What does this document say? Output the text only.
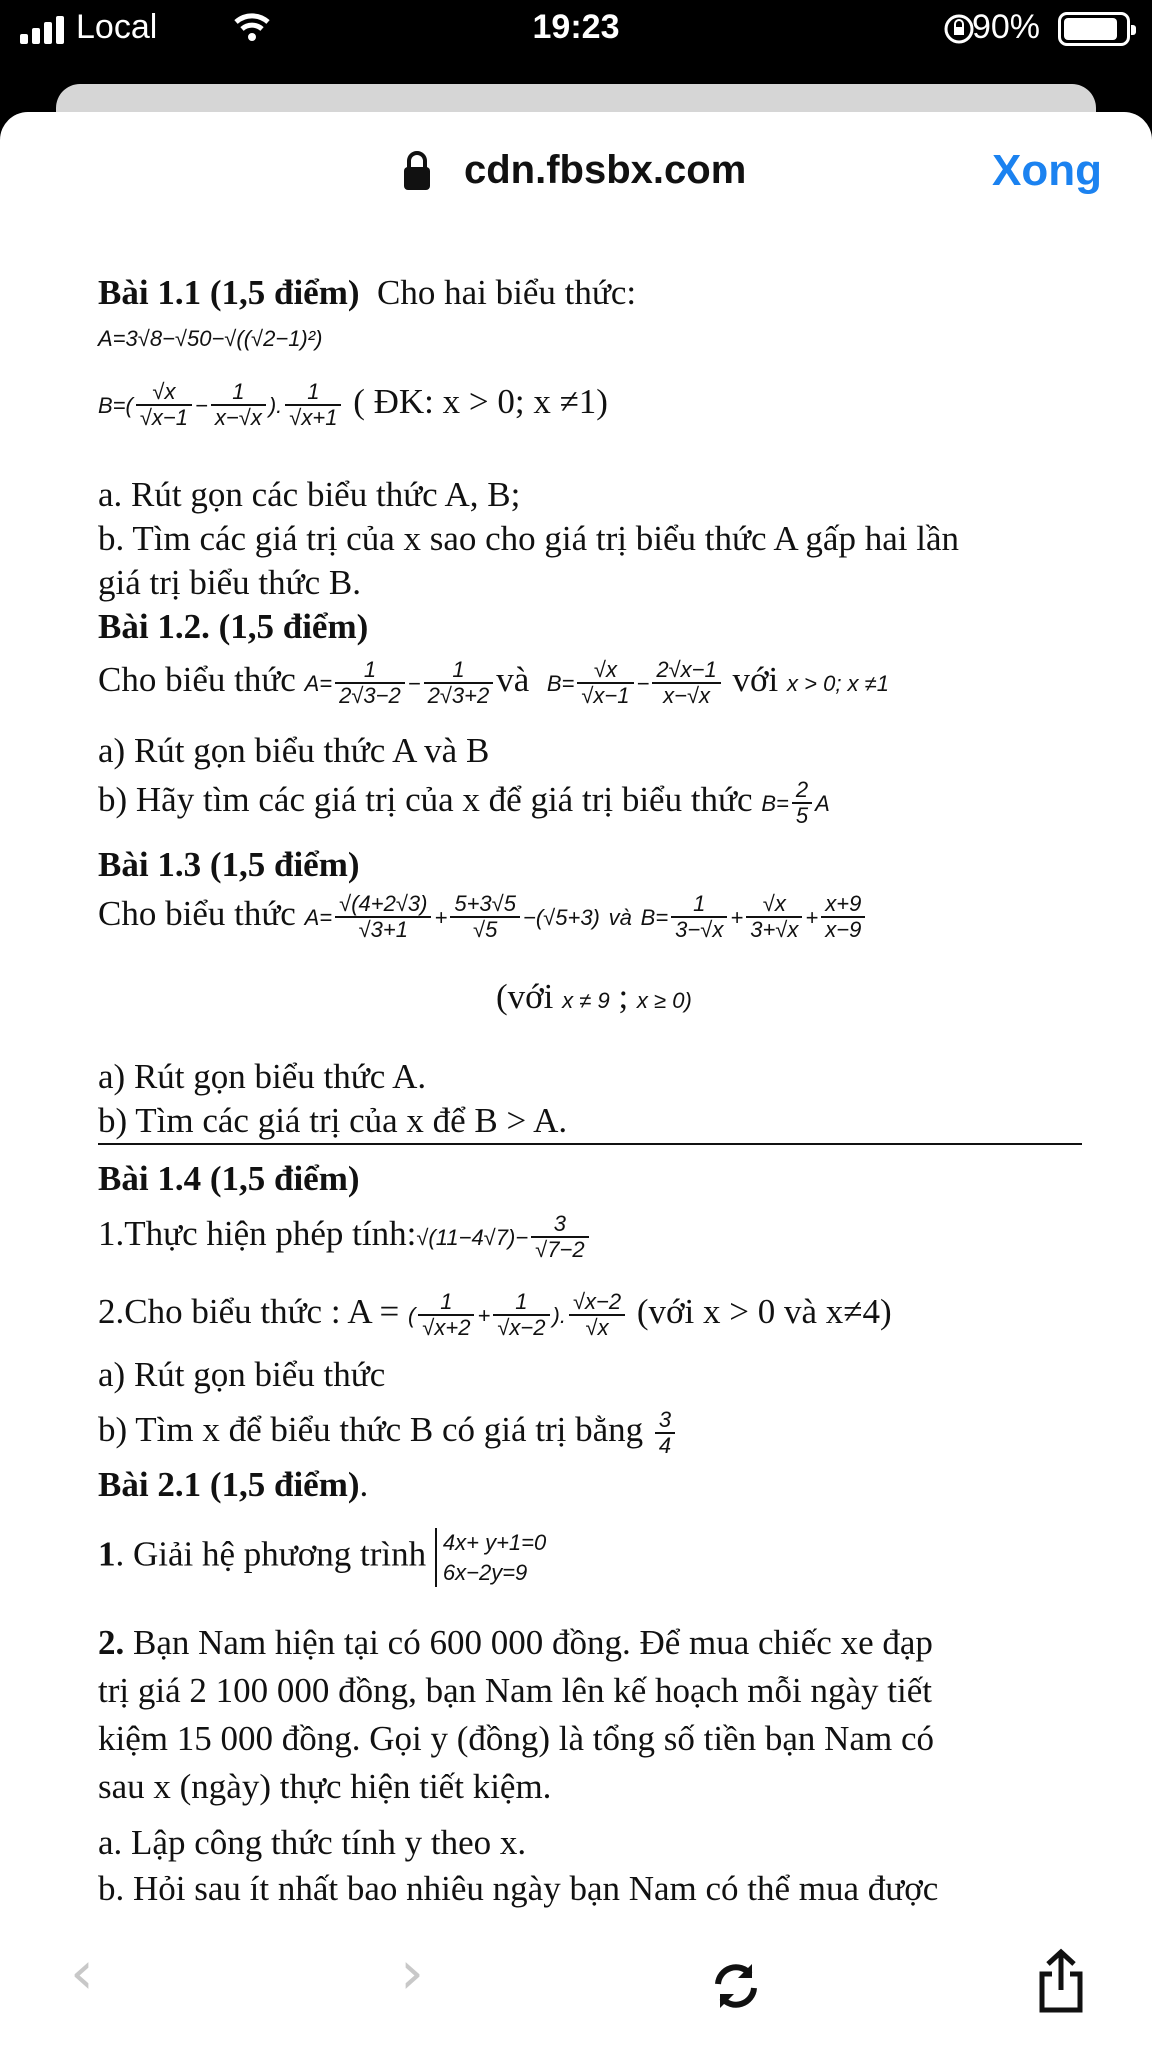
Local	19:23	90%
cdn.fbsbx.com	Xong
Bài 1.1 (1,5 điểm) Cho hai biểu thức:
A=3√8−√50−√((√2−1)²)
$B=( \frac{√x}{√x-1} - \frac{1}{x-√x}$ ). $\frac{1}{√x+1}$ ( ĐK: x > 0; x ≠1)
a. Rút gọn các biểu thức A, B;
b. Tìm các giá trị của x sao cho giá trị biểu thức A gấp hai lần
giá trị biểu thức B.
Bài 1.2. (1,5 điểm)
Cho biểu thức $A= \frac{1}{2√3-2} - \frac{1}{2√3+2}$ và $B= \frac{√x}{√x-1} - \frac{2√x-1}{x-√x}$ với x > 0; x ≠1
a) Rút gọn biểu thức A và B
b) Hãy tìm các giá trị của x để giá trị biểu thức $B= \frac{2}{5}$ A
Bài 1.3 (1,5 điểm)
Cho biểu thức $A= \frac{√(4+2√3)}{√3+1} + \frac{5+3√5}{√5} -(√5+3)$ và $B= \frac{1}{3-√x} + \frac{√x}{3+√x} + \frac{x+9}{x-9}$
(với x ≠ 9 ; x ≥ 0)
a) Rút gọn biểu thức A.
b) Tìm các giá trị của x để B > A.
Bài 1.4 (1,5 điểm)
1.Thực hiện phép tính:√(11−4√7)− $\frac{3}{√7-2}$
2.Cho biểu thức : A = ( $\frac{1}{√x+2} + \frac{1}{√x-2}$ ). $\frac{√x-2}{√x}$ (với x > 0 và x≠4)
a) Rút gọn biểu thức
b) Tìm x để biểu thức B có giá trị bằng $\frac{3}{4}$
Bài 2.1 (1,5 điểm).
1. Giải hệ phương trình 4x+ y+1=0
6x−2y=9
2. Bạn Nam hiện tại có 600 000 đồng. Để mua chiếc xe đạp
trị giá 2 100 000 đồng, bạn Nam lên kế hoạch mỗi ngày tiết
kiệm 15 000 đồng. Gọi y (đồng) là tổng số tiền bạn Nam có
sau x (ngày) thực hiện tiết kiệm.
a. Lập công thức tính y theo x.
b. Hỏi sau ít nhất bao nhiêu ngày bạn Nam có thể mua được
‹	›
